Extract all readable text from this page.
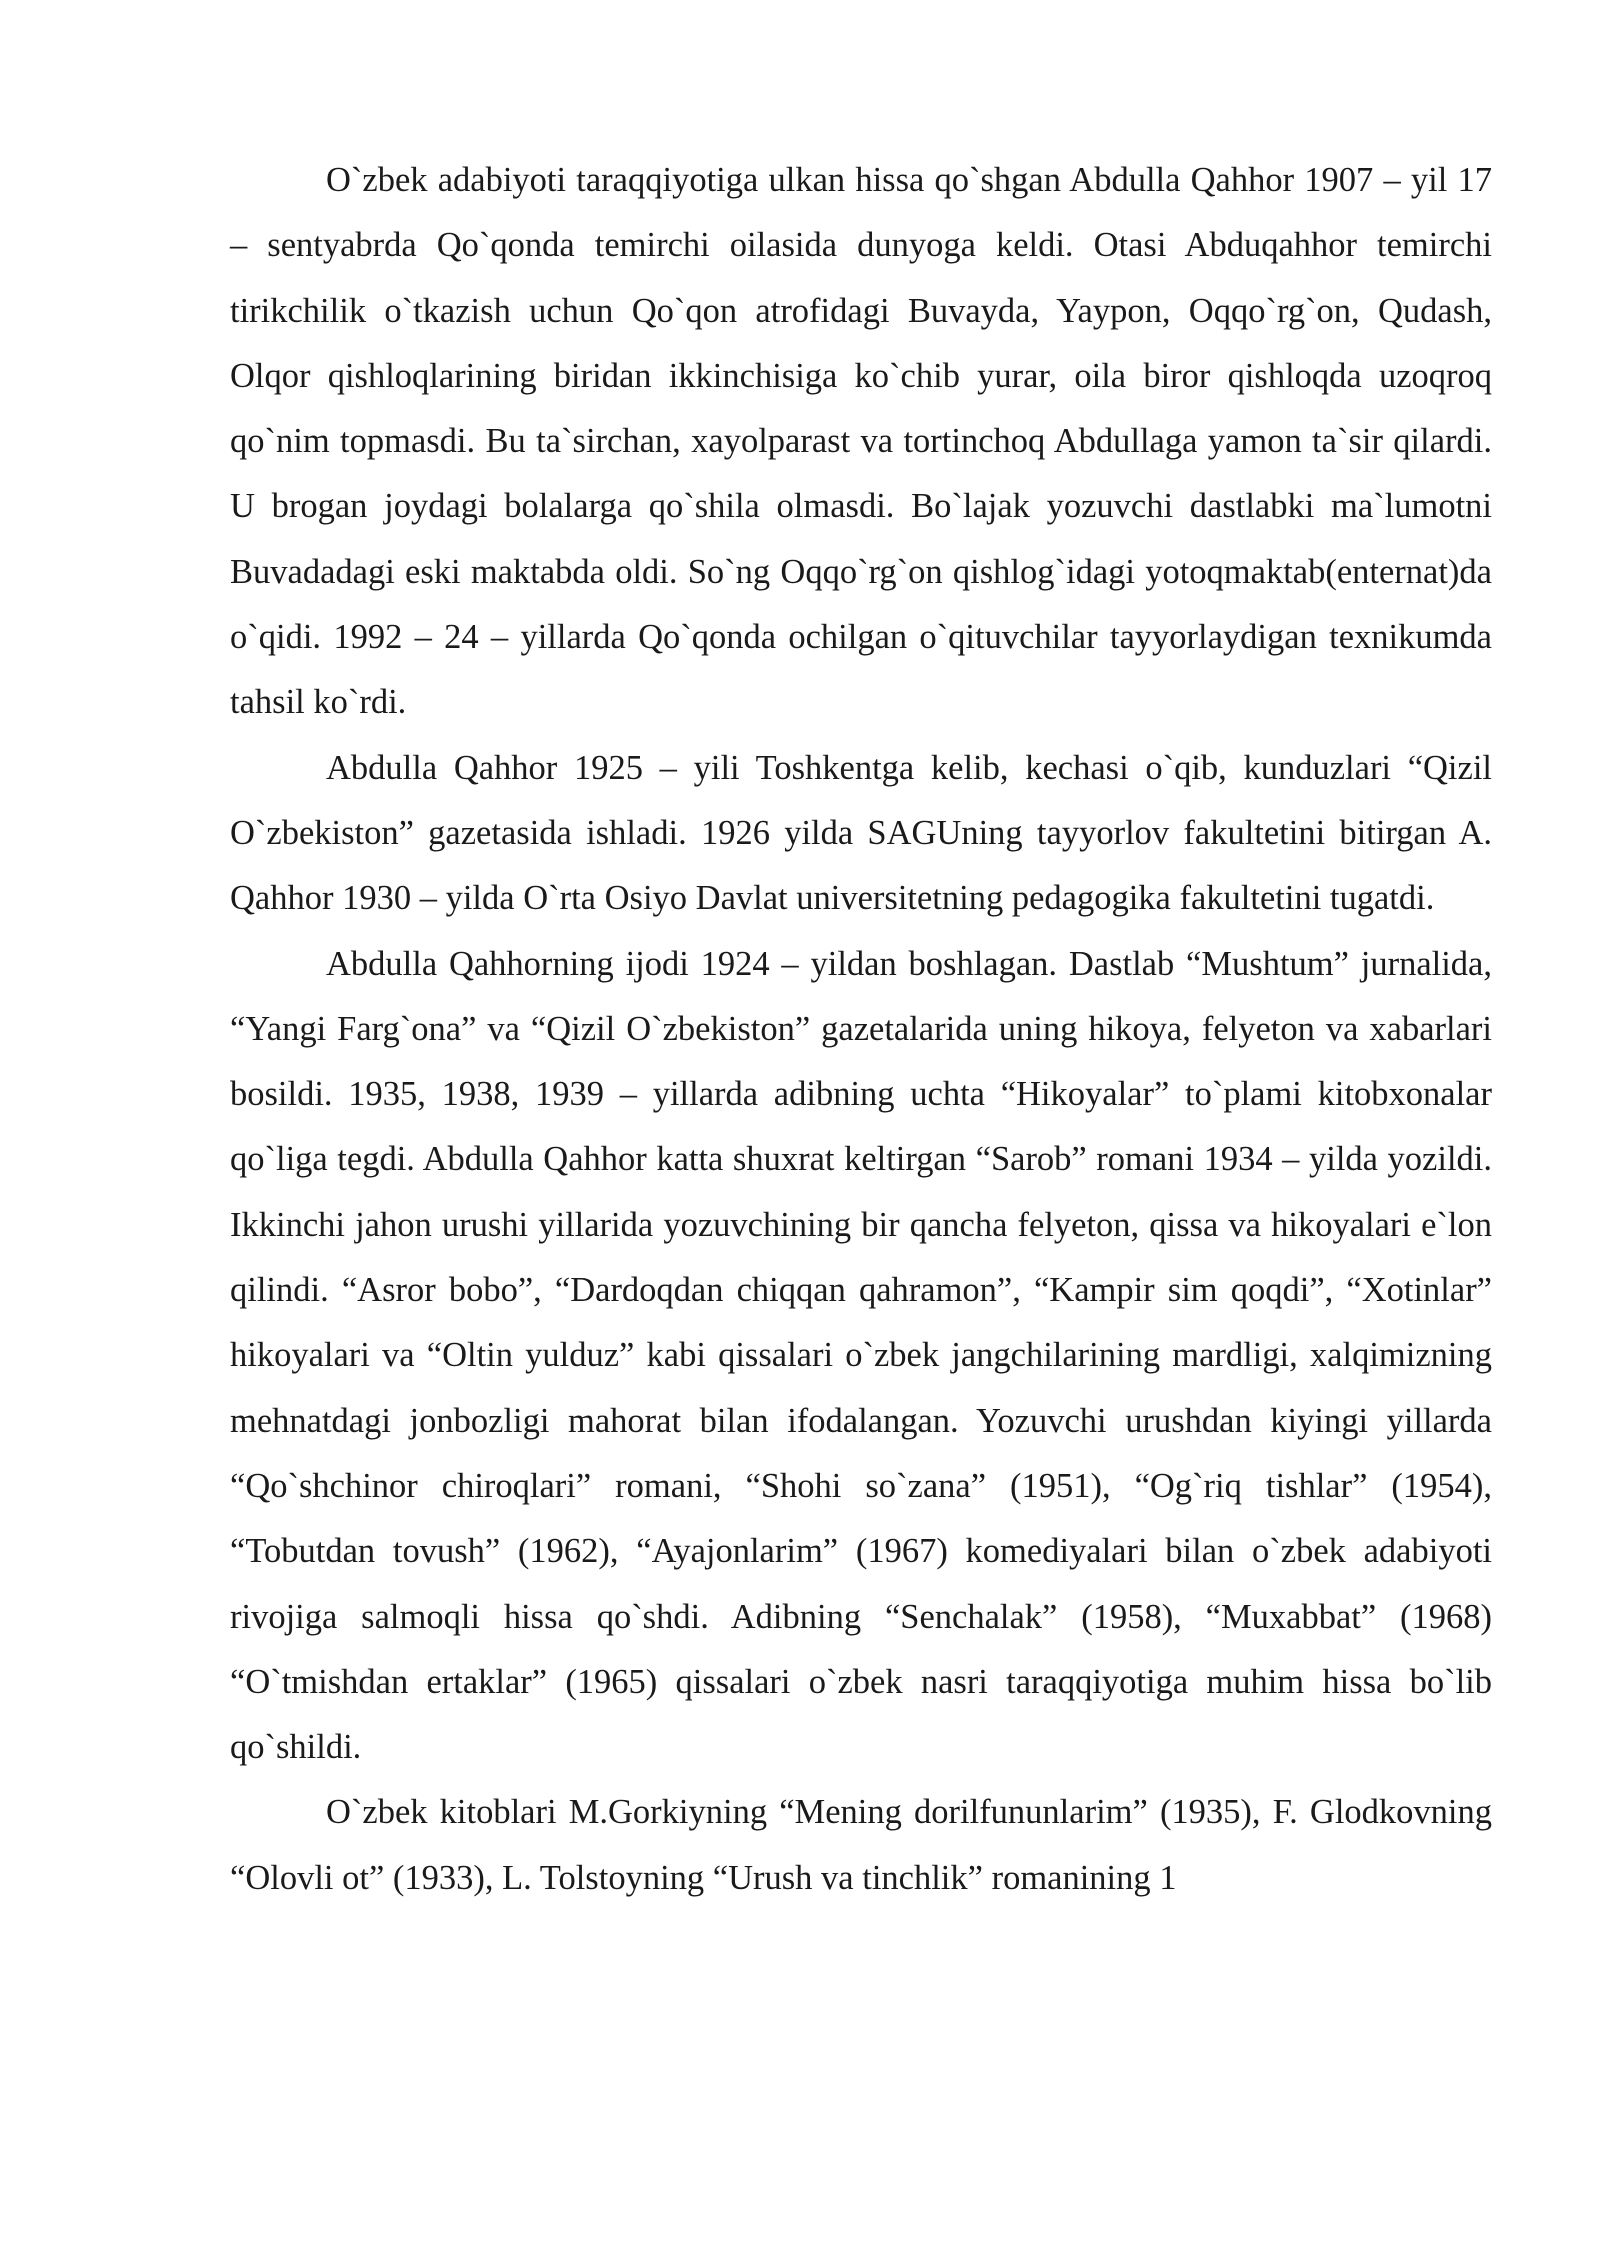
O`zbek adabiyoti taraqqiyotiga ulkan hissa qo`shgan Abdulla Qahhor 1907 – yil 17 – sentyabrda Qo`qonda temirchi oilasida dunyoga keldi. Otasi Abduqahhor temirchi tirikchilik o`tkazish uchun Qo`qon atrofidagi Buvayda, Yaypon, Oqqo`rg`on, Qudash, Olqor qishloqlarining biridan ikkinchisiga ko`chib yurar, oila biror qishloqda uzoqroq qo`nim topmasdi. Bu ta`sirchan, xayolparast va tortinchoq Abdullaga yamon ta`sir qilardi. U brogan joydagi bolalarga qo`shila olmasdi. Bo`lajak yozuvchi dastlabki ma`lumotni Buvadadagi eski maktabda oldi. So`ng Oqqo`rg`on qishlog`idagi yotoqmaktab(enternat)da o`qidi. 1992 – 24 – yillarda Qo`qonda ochilgan o`qituvchilar tayyorlaydigan texnikumda tahsil ko`rdi.

Abdulla Qahhor 1925 – yili Toshkentga kelib, kechasi o`qib, kunduzlari “Qizil O`zbekiston” gazetasida ishladi. 1926 yilda SAGUning tayyorlov fakultetini bitirgan A. Qahhor 1930 – yilda O`rta Osiyo Davlat universitetning pedagogika fakultetini tugatdi.

Abdulla Qahhorning ijodi 1924 – yildan boshlagan. Dastlab “Mushtum” jurnalida, “Yangi Farg`ona” va “Qizil O`zbekiston” gazetalarida uning hikoya, felyeton va xabarlari bosildi. 1935, 1938, 1939 – yillarda adibning uchta “Hikoyalar” to`plami kitobxonalar qo`liga tegdi. Abdulla Qahhor katta shuxrat keltirgan “Sarob” romani 1934 – yilda yozildi. Ikkinchi jahon urushi yillarida yozuvchining bir qancha felyeton, qissa va hikoyalari e`lon qilindi. “Asror bobo”, “Dardoqdan chiqqan qahramon”, “Kampir sim qoqdi”, “Xotinlar” hikoyalari va “Oltin yulduz” kabi qissalari o`zbek jangchilarining mardligi, xalqimizning mehnatdagi jonbozligi mahorat bilan ifodalangan. Yozuvchi urushdan kiyingi yillarda “Qo`shchinor chiroqlari” romani, “Shohi so`zana” (1951), “Og`riq tishlar” (1954), “Tobutdan tovush” (1962), “Ayajonlarim” (1967) komediyalari bilan o`zbek adabiyoti rivojiga salmoqli hissa qo`shdi. Adibning “Senchalak” (1958), “Muxabbat” (1968) “O`tmishdan ertaklar” (1965) qissalari o`zbek nasri taraqqiyotiga muhim hissa bo`lib qo`shildi.

O`zbek kitoblari M.Gorkiyning “Mening dorilfununlarim” (1935), F. Glodkovning “Olovli ot” (1933), L. Tolstoyning “Urush va tinchlik” romanining 1
